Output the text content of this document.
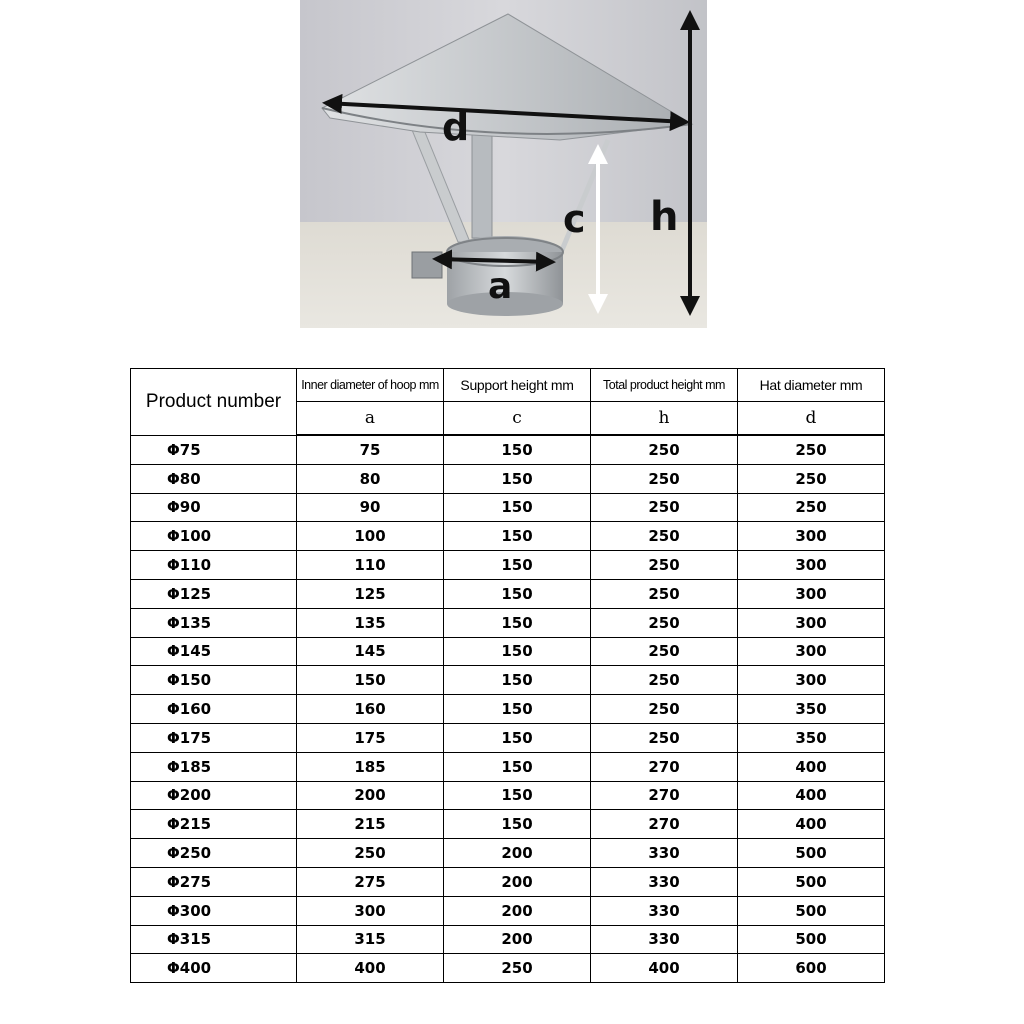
d
c h
a
Product number	Inner diameter of hoop mm	Support height mm	Total product height mm	Hat diameter mm
	a	c	h	d
Φ75	75	150	250	250
Φ80	80	150	250	250
Φ90	90	150	250	250
Φ100	100	150	250	300
Φ110	110	150	250	300
Φ125	125	150	250	300
Φ135	135	150	250	300
Φ145	145	150	250	300
Φ150	150	150	250	300
Φ160	160	150	250	350
Φ175	175	150	250	350
Φ185	185	150	270	400
Φ200	200	150	270	400
Φ215	215	150	270	400
Φ250	250	200	330	500
Φ275	275	200	330	500
Φ300	300	200	330	500
Φ315	315	200	330	500
Φ400	400	250	400	600
